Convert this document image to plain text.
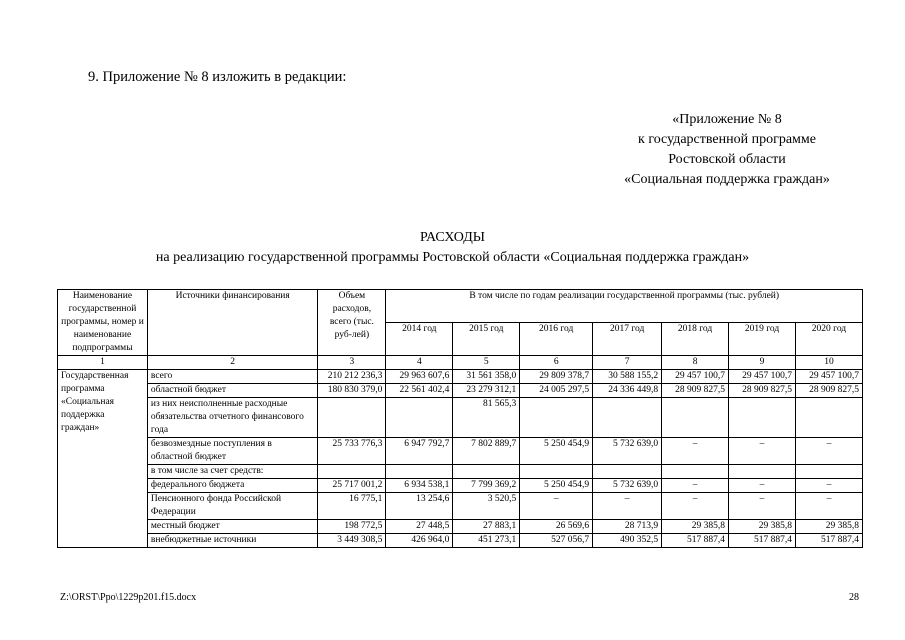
9. Приложение № 8 изложить в редакции:
«Приложение № 8
к государственной программе
Ростовской области
«Социальная поддержка граждан»
РАСХОДЫ
на реализацию государственной программы Ростовской области «Социальная поддержка граждан»
Наименование государственной программы, номер и наименование подпрограммы	Источники финансирования	Объем расходов, всего (тыс. руб-лей)	В том числе по годам реализации государственной программы (тыс. рублей)						
			2014 год	2015 год	2016 год	2017 год	2018 год	2019 год	2020 год
1	2	3	4	5	6	7	8	9	10
Государственная программа «Социальная поддержка граждан»	всего	210 212 236,3	29 963 607,6	31 561 358,0	29 809 378,7	30 588 155,2	29 457 100,7	29 457 100,7	29 457 100,7
	областной бюджет	180 830 379,0	22 561 402,4	23 279 312,1	24 005 297,5	24 336 449,8	28 909 827,5	28 909 827,5	28 909 827,5
	из них неисполненные расходные обязательства отчетного финансового года			81 565,3					
	безвозмездные поступления в областной бюджет	25 733 776,3	6 947 792,7	7 802 889,7	5 250 454,9	5 732 639,0	–	–	–
	в том числе за счет средств:								
	федерального бюджета	25 717 001,2	6 934 538,1	7 799 369,2	5 250 454,9	5 732 639,0	–	–	–
	Пенсионного фонда Российской Федерации	16 775,1	13 254,6	3 520,5	–	–	–	–	–
	местный бюджет	198 772,5	27 448,5	27 883,1	26 569,6	28 713,9	29 385,8	29 385,8	29 385,8
	внебюджетные источники	3 449 308,5	426 964,0	451 273,1	527 056,7	490 352,5	517 887,4	517 887,4	517 887,4
Z:\ORST\Ppo\1229p201.f15.docx	28
